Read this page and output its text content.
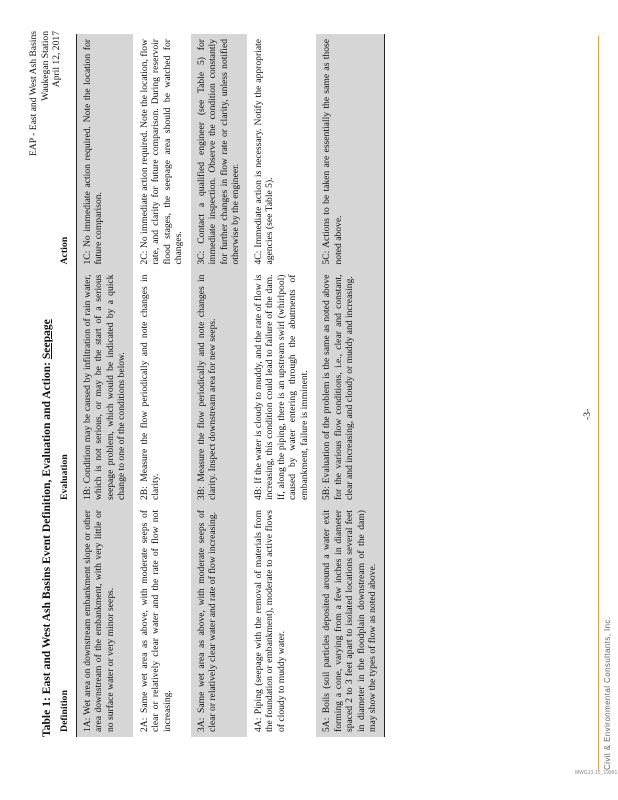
EAP - East and West Ash Basins Waukegan Station April 12, 2017
Table 1: East and West Ash Basins Event Definition, Evaluation and Action: Seepage
Definition	Evaluation	Action
1A: Wet area on downstream embankment slope or other area downstream of the embankment, with very little or no surface water or very minor seeps.	1B: Condition may be caused by infiltration of rain water, which is not serious, or may be the start of a serious seepage problem, which would be indicated by a quick change to one of the conditions below.	1C: No immediate action required. Note the location for future comparison.
2A: Same wet area as above, with moderate seeps of clear or relatively clear water and the rate of flow not increasing.	2B: Measure the flow periodically and note changes in clarity.	2C: No immediate action required. Note the location, flow rate, and clarity for future comparison. During reservoir flood stages, the seepage area should be watched for changes.
3A: Same wet area as above, with moderate seeps of clear or relatively clear water and rate of flow increasing.	3B: Measure the flow periodically and note changes in clarity. Inspect downstream area for new seeps.	3C: Contact a qualified engineer (see Table 5) for immediate inspection. Observe the condition constantly for further changes in flow rate or clarity, unless notified otherwise by the engineer.
4A: Piping (seepage with the removal of materials from the foundation or embankment), moderate to active flows of cloudy to muddy water.	4B: If the water is cloudy to muddy, and the rate of flow is increasing, this condition could lead to failure of the dam. If, along the piping, there is an upstream swirl (whirlpool) caused by water entering through the abutments of embankment, failure is imminent.	4C: Immediate action is necessary. Notify the appropriate agencies (see Table 5).
5A: Boils (soil particles deposited around a water exit forming a cone, varying from a few inches in diameter spaced 2 to 3 feet apart to isolated locations several feet in diameter in the floodplain downstream of the dam) may show the types of flow as noted above.	5B: Evaluation of the problem is the same as noted above for the various flow conditions, i.e., clear and constant, clear and increasing, and cloudy or muddy and increasing.	5C: Actions to be taken are essentially the same as those noted above.
-3-
MWG13-15_19991
Civil & Environmental Consultants, Inc.
